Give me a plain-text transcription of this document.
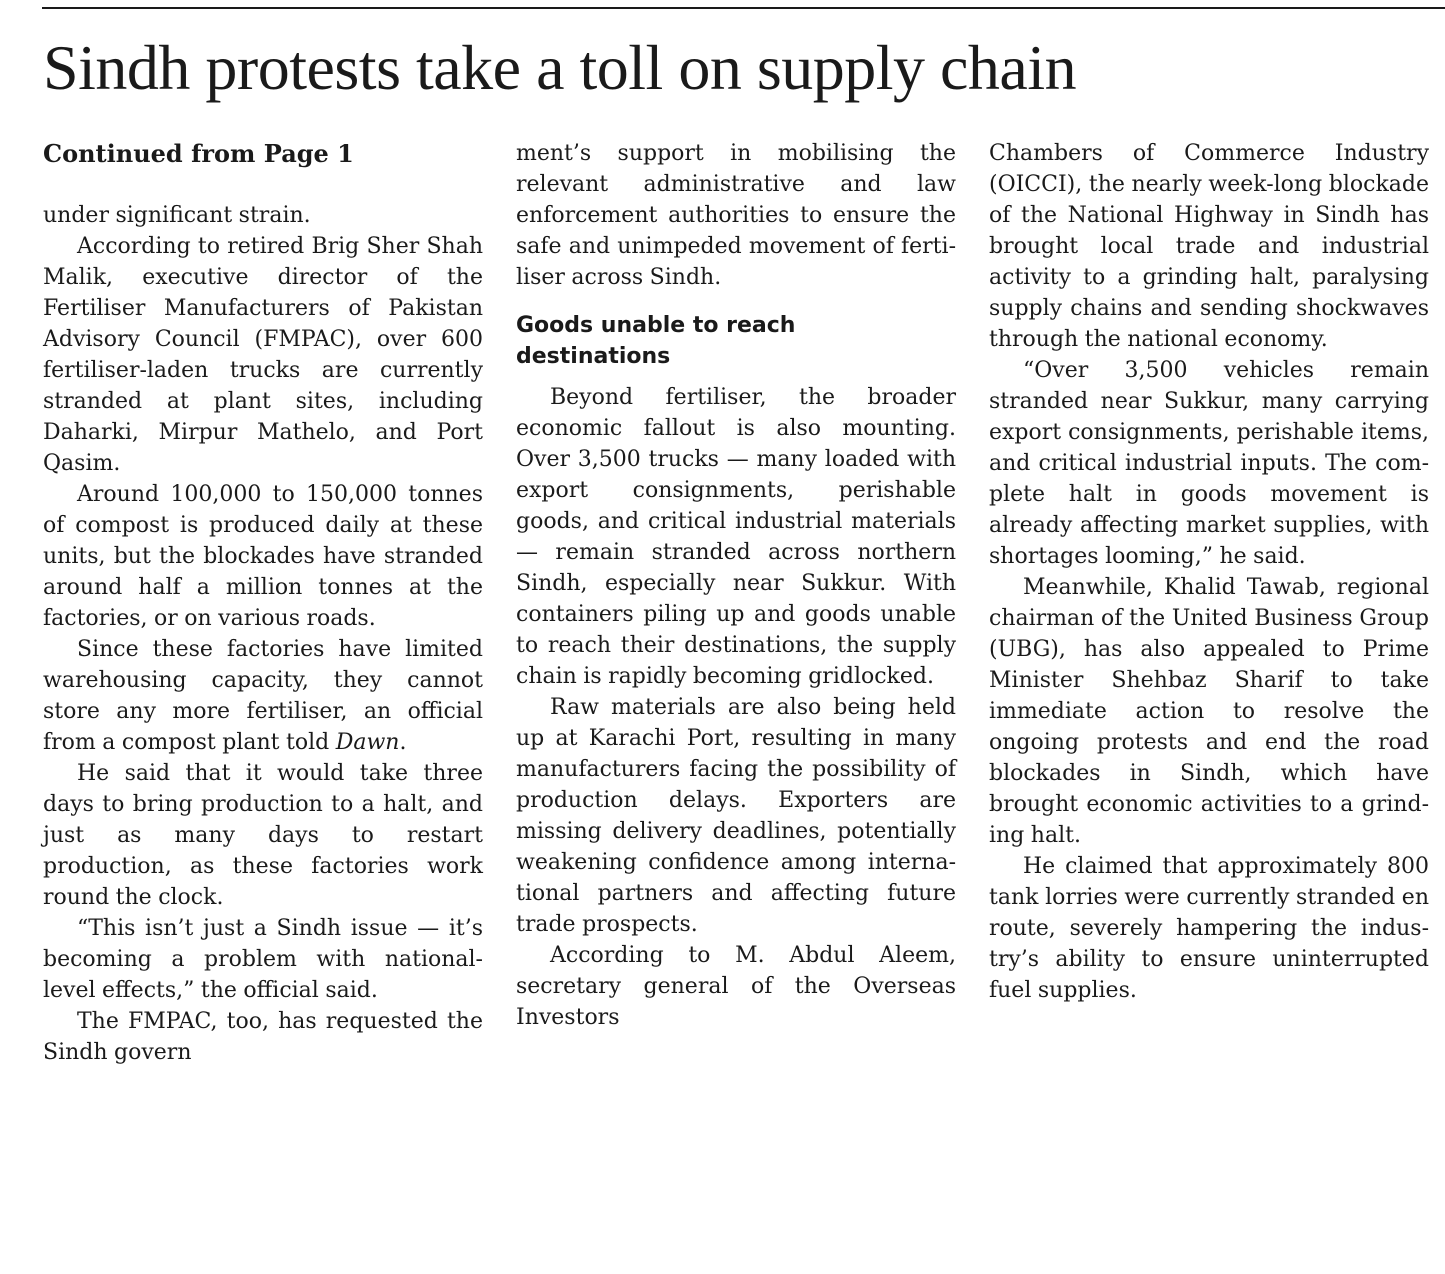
Sindh protests take a toll on supply chain
Continued from Page 1

under significant strain.

According to retired Brig Sher Shah Malik, executive director of the Fertiliser Manufacturers of Pakistan Advisory Council (FMPAC), over 600 fertiliser-laden trucks are currently stranded at plant sites, including Daharki, Mirpur Mathelo, and Port Qasim.

Around 100,000 to 150,000 tonnes of compost is produced daily at these units, but the blockades have stranded around half a million tonnes at the factories, or on various roads.

Since these factories have limited warehousing capacity, they cannot store any more fertiliser, an official from a compost plant told Dawn.

He said that it would take three days to bring production to a halt, and just as many days to restart production, as these factories work round the clock.

“This isn’t just a Sindh issue — it’s becoming a problem with national-level effects,” the official said.

The FMPAC, too, has requested the Sindh govern

ment’s support in mobilising the relevant administrative and law enforcement authorities to ensure the safe and unimpeded movement of fertiliser across Sindh.

Goods unable to reach destinations

Beyond fertiliser, the broader economic fallout is also mounting. Over 3,500 trucks — many loaded with export consignments, perishable goods, and critical industrial materials — remain stranded across northern Sindh, especially near Sukkur. With containers piling up and goods unable to reach their destinations, the supply chain is rapidly becoming gridlocked.

Raw materials are also being held up at Karachi Port, resulting in many manufacturers facing the possibility of production delays. Exporters are missing delivery deadlines, potentially weakening confidence among international partners and affecting future trade prospects.

According to M. Abdul Aleem, secretary general of the Overseas Investors

Chambers of Commerce Industry (OICCI), the nearly week-long blockade of the National Highway in Sindh has brought local trade and industrial activity to a grinding halt, paralysing supply chains and sending shockwaves through the national economy.

“Over 3,500 vehicles remain stranded near Sukkur, many carrying export consignments, perishable items, and critical industrial inputs. The complete halt in goods movement is already affecting market supplies, with shortages looming,” he said.

Meanwhile, Khalid Tawab, regional chairman of the United Business Group (UBG), has also appealed to Prime Minister Shehbaz Sharif to take immediate action to resolve the ongoing protests and end the road blockades in Sindh, which have brought economic activities to a grinding halt.

He claimed that approximately 800 tank lorries were currently stranded en route, severely hampering the industry’s ability to ensure uninterrupted fuel supplies.
